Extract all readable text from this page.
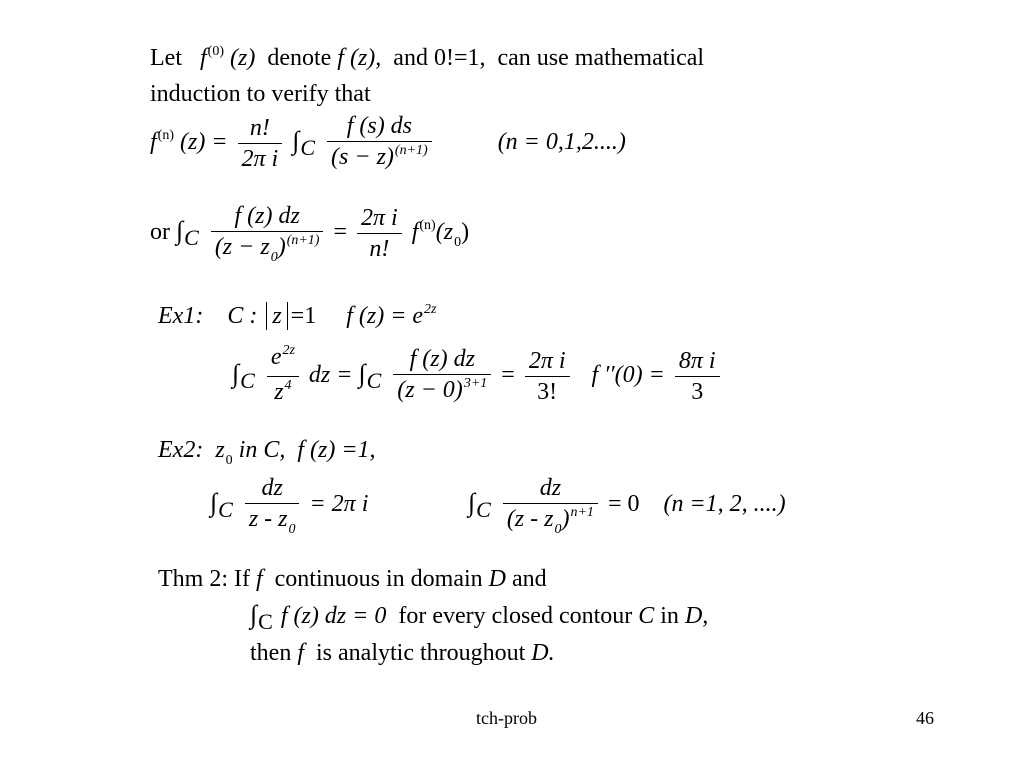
Let $f^{(0)}$ (z) denote f (z), and 0!=1, can use mathematical
induction to verify that
$f^{(n)}$ $(z) = \frac{n!}{\text{2π i}} \int C \frac{f (s) ds}{(s - z)^{(n+1)}}$	(n = 0,1,2....)
or $\int C \frac{f (z) dz}{(z - z_0)^{(n+1)}} = \frac{\text{2π i}}{n!} f^{(n)}(z_0)$
Ex1: C : z =1 f $(z) = e^{2z}$
$\int C \frac{e^{2z}}{z^4}$ dz = $\int C \frac{f (z) dz}{(z - 0)^{3+1}} = \frac{\text{2π i}}{3!}$ f $''(0) = \frac{\text{8π i}}{3}$
Ex2: $z_0$ in C, f (z) =1,
$\int C \frac{dz}{z - z_0} = 2\pi$ i	$\int C \frac{dz}{(z - z_0)^{n+1}} = 0$ (n =1, 2, ....)
Thm 2: If f continuous in domain D and
∫C f (z) dz = 0 for every closed contour C in D,
then f is analytic throughout D.
tch-prob	46
